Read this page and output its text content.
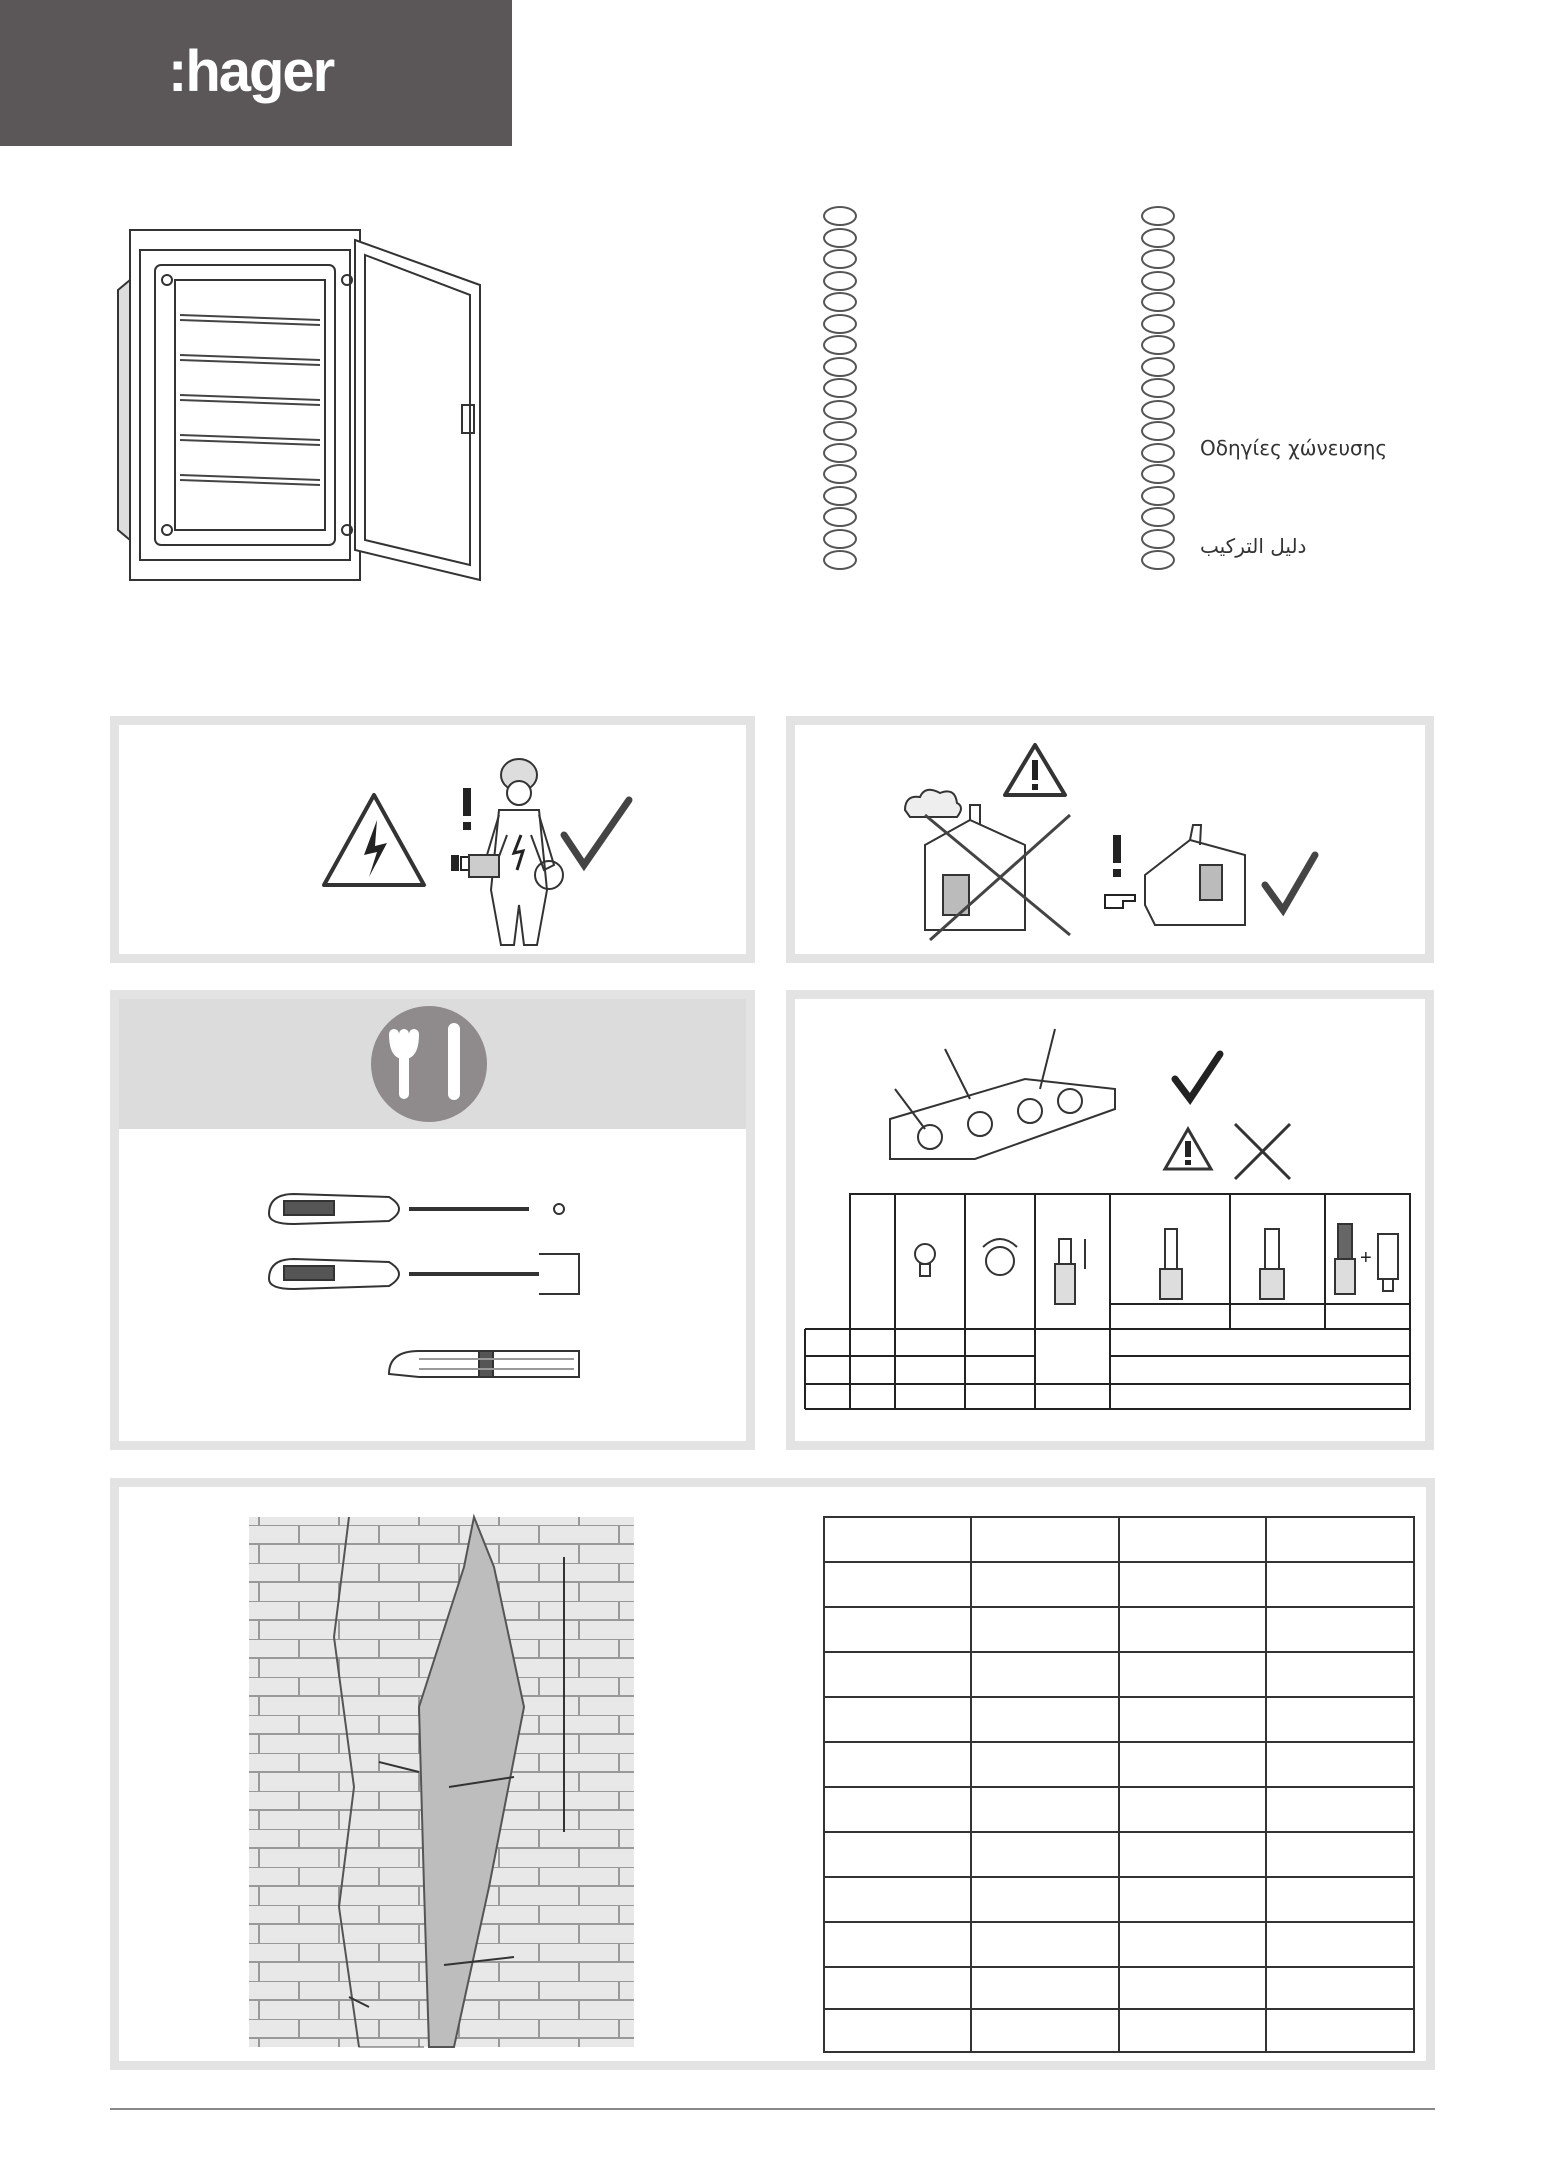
:hager
Οδηγίες χώνευσης
دليل التركيب
+
